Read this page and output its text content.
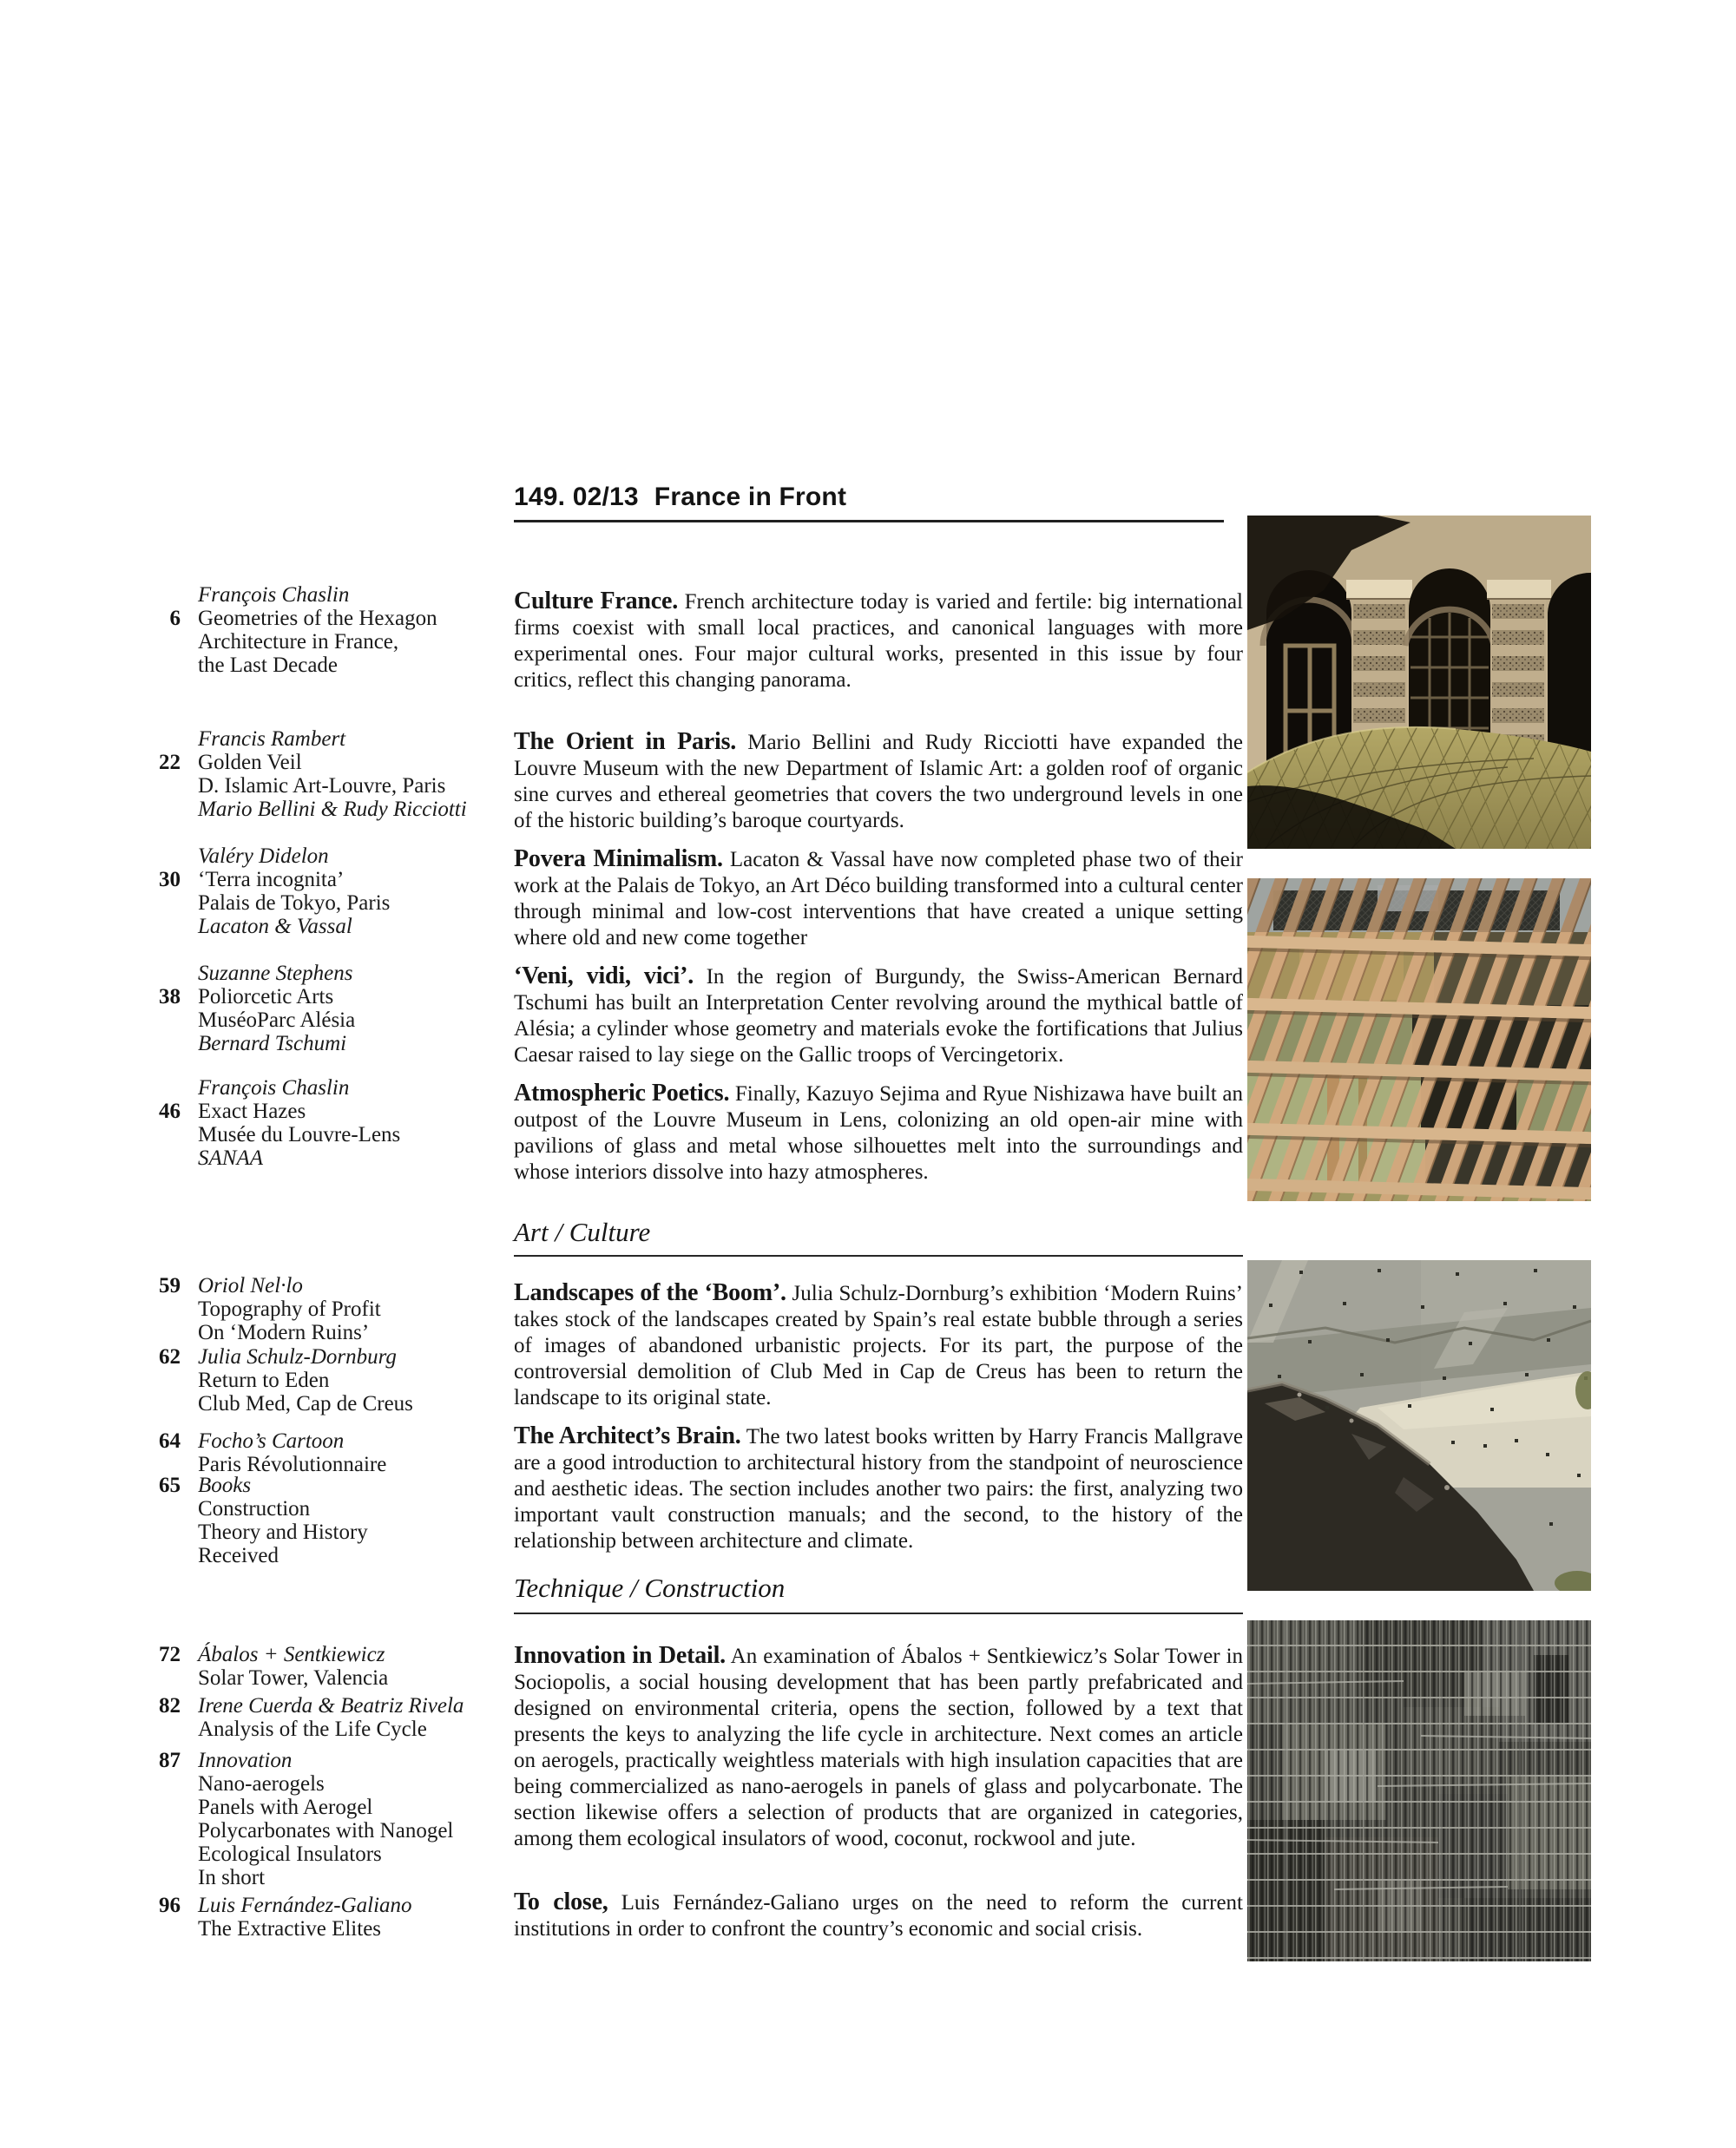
149. 02/13 France in Front
6
François Chaslin
Geometries of the Hexagon
Architecture in France,
the Last Decade
22
Francis Rambert
Golden Veil
D. Islamic Art-Louvre, Paris
Mario Bellini & Rudy Ricciotti
30
Valéry Didelon
‘Terra incognita’
Palais de Tokyo, Paris
Lacaton & Vassal
38
Suzanne Stephens
Poliorcetic Arts
MuséoParc Alésia
Bernard Tschumi
46
François Chaslin
Exact Hazes
Musée du Louvre-Lens
SANAA
59 Oriol Nel·lo
Topography of Profit
On ‘Modern Ruins’
62 Julia Schulz-Dornburg
Return to Eden
Club Med, Cap de Creus
64 Focho’s Cartoon
Paris Révolutionnaire
65 Books
Construction
Theory and History
Received
72 Ábalos + Sentkiewicz
Solar Tower, Valencia
82 Irene Cuerda & Beatriz Rivela
Analysis of the Life Cycle
87 Innovation
Nano-aerogels
Panels with Aerogel
Polycarbonates with Nanogel
Ecological Insulators
In short
96 Luis Fernández-Galiano
The Extractive Elites
Culture France. French architecture today is varied and fertile: big international firms coexist with small local practices, and canonical languages with more experimental ones. Four major cultural works, presented in this issue by four critics, reflect this changing panorama.
The Orient in Paris. Mario Bellini and Rudy Ricciotti have expanded the Louvre Museum with the new Department of Islamic Art: a golden roof of organic sine curves and ethereal geometries that covers the two underground levels in one of the historic building’s baroque courtyards.
Povera Minimalism. Lacaton & Vassal have now completed phase two of their work at the Palais de Tokyo, an Art Déco building transformed into a cultural center through minimal and low-cost interventions that have created a unique setting where old and new come together
‘Veni, vidi, vici’. In the region of Burgundy, the Swiss-American Bernard Tschumi has built an Interpretation Center revolving around the mythical battle of Alésia; a cylinder whose geometry and materials evoke the fortifications that Julius Caesar raised to lay siege on the Gallic troops of Vercingetorix.
Atmospheric Poetics. Finally, Kazuyo Sejima and Ryue Nishizawa have built an outpost of the Louvre Museum in Lens, colonizing an old open-air mine with pavilions of glass and metal whose silhouettes melt into the surroundings and whose interiors dissolve into hazy atmospheres.
Art / Culture
Landscapes of the ‘Boom’. Julia Schulz-Dornburg’s exhibition ‘Modern Ruins’ takes stock of the landscapes created by Spain’s real estate bubble through a series of images of abandoned urbanistic projects. For its part, the purpose of the controversial demolition of Club Med in Cap de Creus has been to return the landscape to its original state.
The Architect’s Brain. The two latest books written by Harry Francis Mallgrave are a good introduction to architectural history from the standpoint of neuroscience and aesthetic ideas. The section includes another two pairs: the first, analyzing two important vault construction manuals; and the second, to the history of the relationship between architecture and climate.
Technique / Construction
Innovation in Detail. An examination of Ábalos + Sentkiewicz’s Solar Tower in Sociopolis, a social housing development that has been partly prefabricated and designed on environmental criteria, opens the section, followed by a text that presents the keys to analyzing the life cycle in architecture. Next comes an article on aerogels, practically weightless materials with high insulation capacities that are being commercialized as nano-aerogels in panels of glass and polycarbonate. The section likewise offers a selection of products that are organized in categories, among them ecological insulators of wood, coconut, rockwool and jute.
To close, Luis Fernández-Galiano urges on the need to reform the current institutions in order to confront the country’s economic and social crisis.
